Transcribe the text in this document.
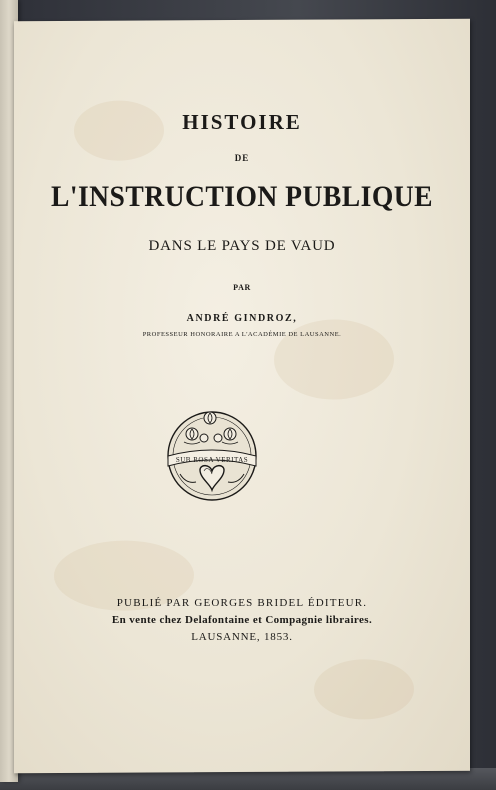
HISTOIRE
DE
L'INSTRUCTION PUBLIQUE
DANS LE PAYS DE VAUD
PAR
ANDRÉ GINDROZ,
PROFESSEUR HONORAIRE A L'ACADÉMIE DE LAUSANNE.
SUB ROSA VERITAS
PUBLIÉ PAR GEORGES BRIDEL ÉDITEUR.
En vente chez Delafontaine et Compagnie libraires.
LAUSANNE, 1853.
